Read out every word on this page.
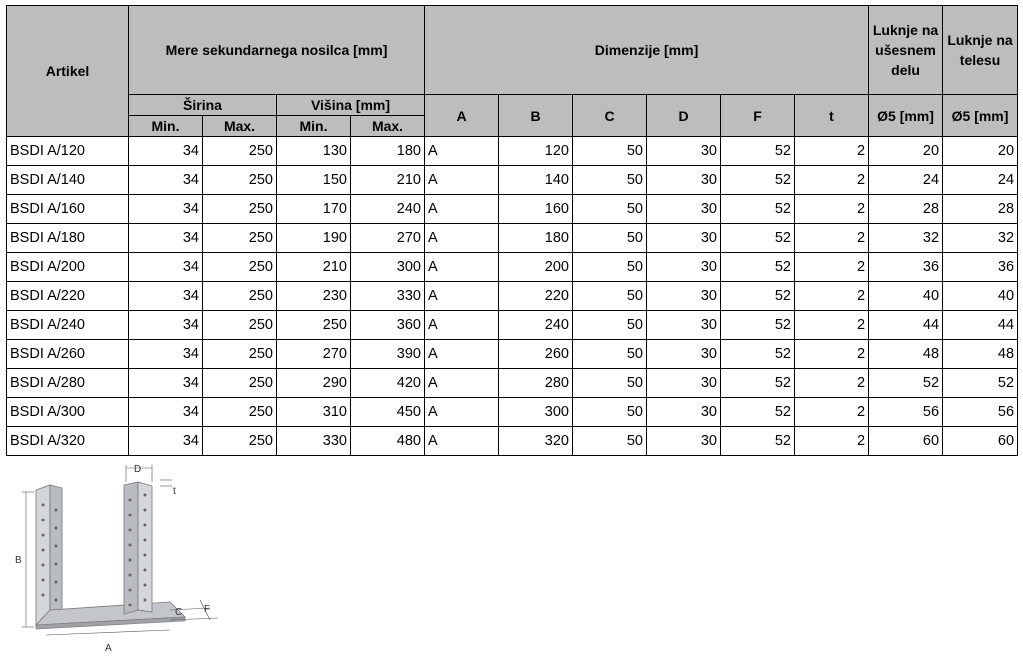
Artikel	Mere sekundarnega nosilca [mm]				Dimenzije [mm]						Luknje na ušesnem delu	Luknje na telesu
	Širina		Višina [mm]		A	B	C	D	F	t	Ø5 [mm]	Ø5 [mm]
	Min.	Max.	Min.	Max.								
BSDI A/120	34	250	130	180	A	120	50	30	52	2	20	20
BSDI A/140	34	250	150	210	A	140	50	30	52	2	24	24
BSDI A/160	34	250	170	240	A	160	50	30	52	2	28	28
BSDI A/180	34	250	190	270	A	180	50	30	52	2	32	32
BSDI A/200	34	250	210	300	A	200	50	30	52	2	36	36
BSDI A/220	34	250	230	330	A	220	50	30	52	2	40	40
BSDI A/240	34	250	250	360	A	240	50	30	52	2	44	44
BSDI A/260	34	250	270	390	A	260	50	30	52	2	48	48
BSDI A/280	34	250	290	420	A	280	50	30	52	2	52	52
BSDI A/300	34	250	310	450	A	300	50	30	52	2	56	56
BSDI A/320	34	250	330	480	A	320	50	30	52	2	60	60
B
A
D
t
C F
